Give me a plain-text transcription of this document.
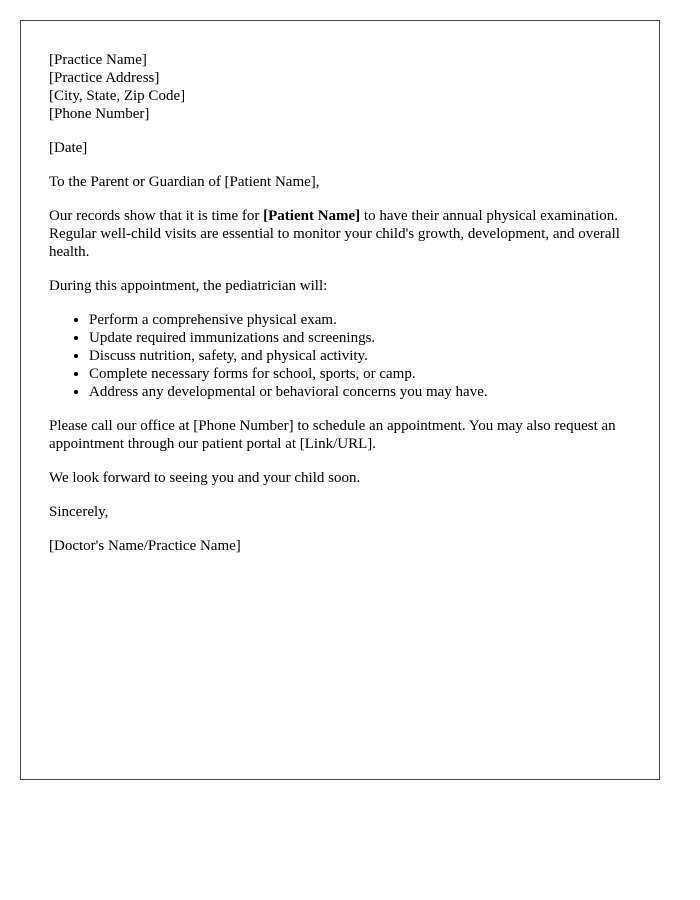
[Practice Name]
[Practice Address]
[City, State, Zip Code]
[Phone Number]

[Date]

To the Parent or Guardian of [Patient Name],

Our records show that it is time for [Patient Name] to have their annual physical examination. Regular well-child visits are essential to monitor your child's growth, development, and overall health.

During this appointment, the pediatrician will:

• Perform a comprehensive physical exam.
• Update required immunizations and screenings.
• Discuss nutrition, safety, and physical activity.
• Complete necessary forms for school, sports, or camp.
• Address any developmental or behavioral concerns you may have.

Please call our office at [Phone Number] to schedule an appointment. You may also request an appointment through our patient portal at [Link/URL].

We look forward to seeing you and your child soon.

Sincerely,

[Doctor's Name/Practice Name]
